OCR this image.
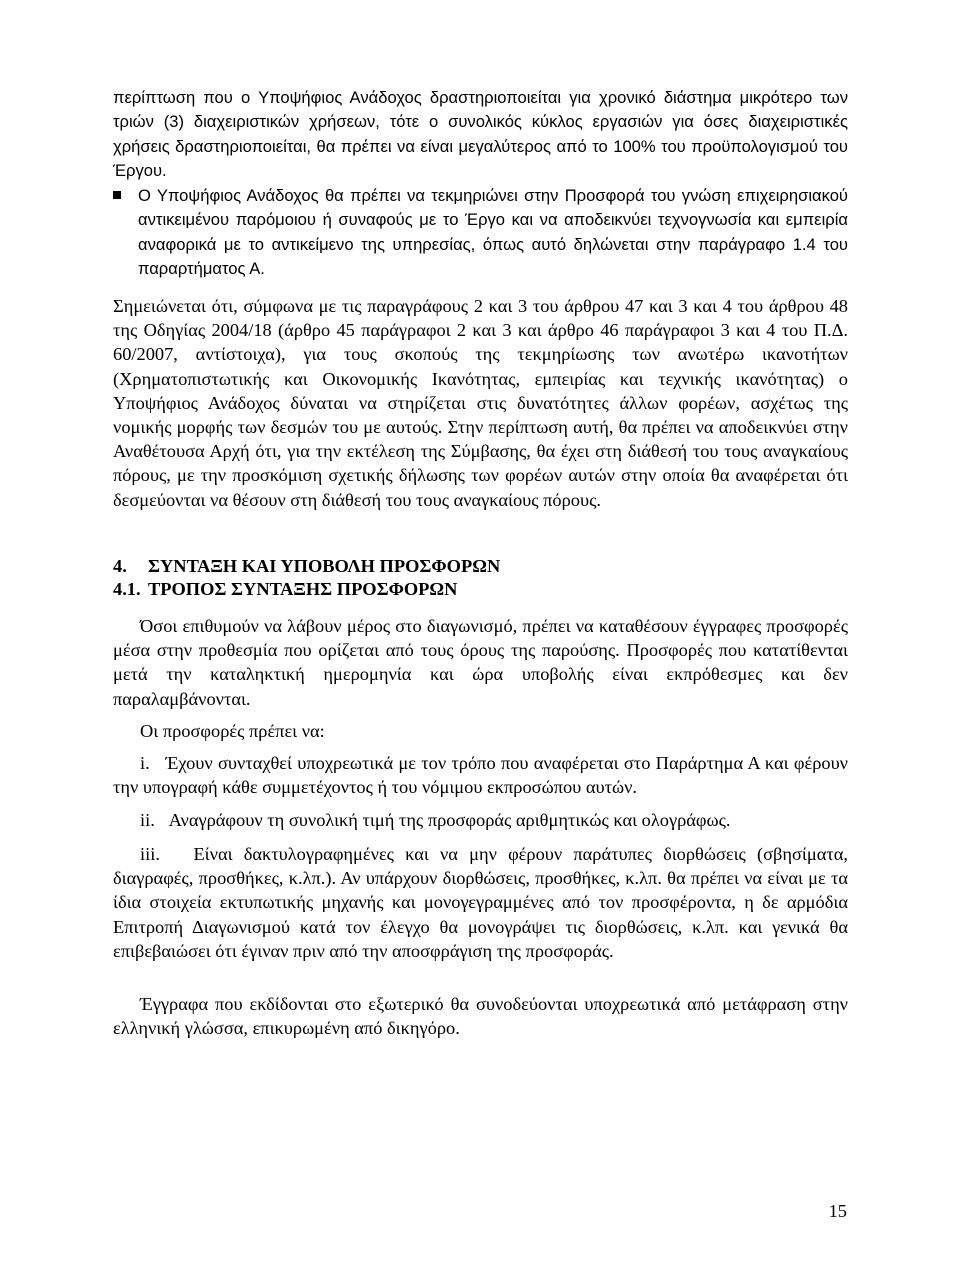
περίπτωση που ο Υποψήφιος Ανάδοχος δραστηριοποιείται για χρονικό διάστημα μικρότερο των τριών (3) διαχειριστικών χρήσεων, τότε ο συνολικός κύκλος εργασιών για όσες διαχειριστικές χρήσεις δραστηριοποιείται, θα πρέπει να είναι μεγαλύτερος από το 100% του προϋπολογισμού του Έργου.
Ο Υποψήφιος Ανάδοχος θα πρέπει να τεκμηριώνει στην Προσφορά του γνώση επιχειρησιακού αντικειμένου παρόμοιου ή συναφούς με το Έργο και να αποδεικνύει τεχνογνωσία και εμπειρία αναφορικά με το αντικείμενο της υπηρεσίας, όπως αυτό δηλώνεται στην παράγραφο 1.4 του παραρτήματος Α.
Σημειώνεται ότι, σύμφωνα με τις παραγράφους 2 και 3 του άρθρου 47 και 3 και 4 του άρθρου 48 της Οδηγίας 2004/18 (άρθρο 45 παράγραφοι 2 και 3 και άρθρο 46 παράγραφοι 3 και 4 του Π.Δ. 60/2007, αντίστοιχα), για τους σκοπούς της τεκμηρίωσης των ανωτέρω ικανοτήτων (Χρηματοπιστωτικής και Οικονομικής Ικανότητας, εμπειρίας και τεχνικής ικανότητας) ο Υποψήφιος Ανάδοχος δύναται να στηρίζεται στις δυνατότητες άλλων φορέων, ασχέτως της νομικής μορφής των δεσμών του με αυτούς. Στην περίπτωση αυτή, θα πρέπει να αποδεικνύει στην Αναθέτουσα Αρχή ότι, για την εκτέλεση της Σύμβασης, θα έχει στη διάθεσή του τους αναγκαίους πόρους, με την προσκόμιση σχετικής δήλωσης των φορέων αυτών στην οποία θα αναφέρεται ότι δεσμεύονται να θέσουν στη διάθεσή του τους αναγκαίους πόρους.
4. ΣΥΝΤΑΞΗ ΚΑΙ ΥΠΟΒΟΛΗ ΠΡΟΣΦΟΡΩΝ
4.1. ΤΡΟΠΟΣ ΣΥΝΤΑΞΗΣ ΠΡΟΣΦΟΡΩΝ
Όσοι επιθυμούν να λάβουν μέρος στο διαγωνισμό, πρέπει να καταθέσουν έγγραφες προσφορές μέσα στην προθεσμία που ορίζεται από τους όρους της παρούσης. Προσφορές που κατατίθενται μετά την καταληκτική ημερομηνία και ώρα υποβολής είναι εκπρόθεσμες και δεν παραλαμβάνονται.
Οι προσφορές πρέπει να:
i. Έχουν συνταχθεί υποχρεωτικά με τον τρόπο που αναφέρεται στο Παράρτημα Α και φέρουν την υπογραφή κάθε συμμετέχοντος ή του νόμιμου εκπροσώπου αυτών.
ii. Αναγράφουν τη συνολική τιμή της προσφοράς αριθμητικώς και ολογράφως.
iii. Είναι δακτυλογραφημένες και να μην φέρουν παράτυπες διορθώσεις (σβησίματα, διαγραφές, προσθήκες, κ.λπ.). Αν υπάρχουν διορθώσεις, προσθήκες, κ.λπ. θα πρέπει να είναι με τα ίδια στοιχεία εκτυπωτικής μηχανής και μονογεγραμμένες από τον προσφέροντα, η δε αρμόδια Επιτροπή Διαγωνισμού κατά τον έλεγχο θα μονογράψει τις διορθώσεις, κ.λπ. και γενικά θα επιβεβαιώσει ότι έγιναν πριν από την αποσφράγιση της προσφοράς.
Έγγραφα που εκδίδονται στο εξωτερικό θα συνοδεύονται υποχρεωτικά από μετάφραση στην ελληνική γλώσσα, επικυρωμένη από δικηγόρο.
15
